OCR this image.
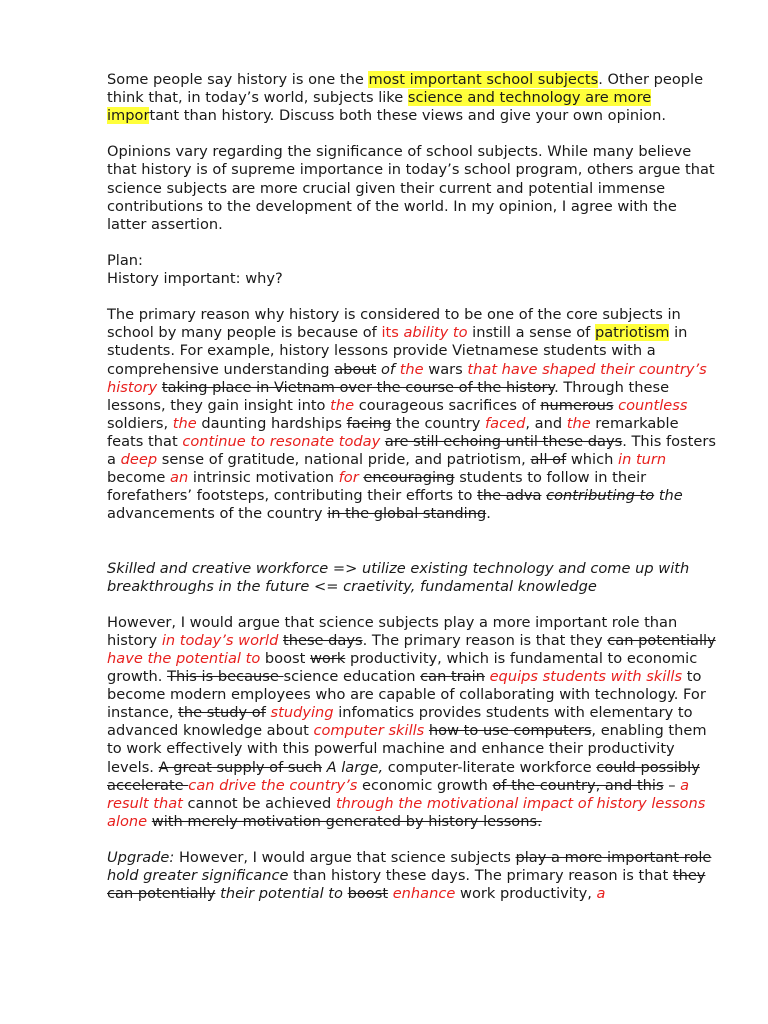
Some people say history is one the most important school subjects. Other people think that, in today’s world, subjects like science and technology are more important than history. Discuss both these views and give your own opinion.

Opinions vary regarding the significance of school subjects. While many believe that history is of supreme importance in today’s school program, others argue that science subjects are more crucial given their current and potential immense contributions to the development of the world. In my opinion, I agree with the latter assertion.

Plan:
History important: why?

The primary reason why history is considered to be one of the core subjects in school by many people is because of its ability to instill a sense of patriotism in students. For example, history lessons provide Vietnamese students with a comprehensive understanding about of the wars that have shaped their country’s history taking place in Vietnam over the course of the history. Through these lessons, they gain insight into the courageous sacrifices of numerous countless soldiers, the daunting hardships facing the country faced, and the remarkable feats that continue to resonate today are still echoing until these days. This fosters a deep sense of gratitude, national pride, and patriotism, all of which in turn become an intrinsic motivation for encouraging students to follow in their forefathers’ footsteps, contributing their efforts to the adva contributing to the advancements of the country in the global standing.

Skilled and creative workforce => utilize existing technology and come up with breakthroughs in the future <= craetivity, fundamental knowledge

However, I would argue that science subjects play a more important role than history in today’s world these days. The primary reason is that they can potentially have the potential to boost work productivity, which is fundamental to economic growth. This is because science education can train equips students with skills to become modern employees who are capable of collaborating with technology. For instance, the study of studying infomatics provides students with elementary to advanced knowledge about computer skills how to use computers, enabling them to work effectively with this powerful machine and enhance their productivity levels. A great supply of such A large, computer-literate workforce could possibly accelerate can drive the country’s economic growth of the country, and this – a result that cannot be achieved through the motivational impact of history lessons alone with merely motivation generated by history lessons.

Upgrade: However, I would argue that science subjects play a more important role hold greater significance than history these days. The primary reason is that they can potentially their potential to boost enhance work productivity, a
